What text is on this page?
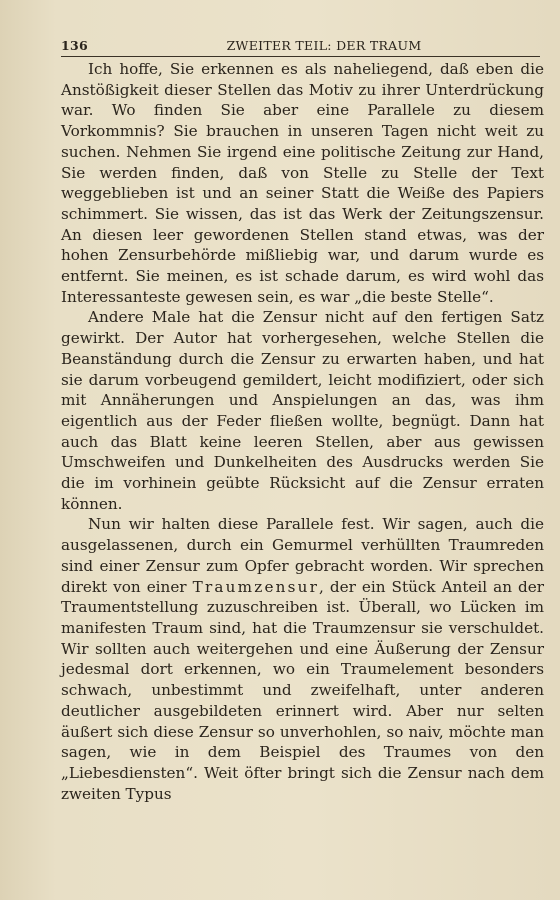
136	ZWEITER TEIL: DER TRAUM

Ich hoffe, Sie erkennen es als naheliegend, daß eben die Anstößigkeit dieser Stellen das Motiv zu ihrer Unterdrückung war. Wo finden Sie aber eine Parallele zu diesem Vorkommnis? Sie brauchen in unseren Tagen nicht weit zu suchen. Nehmen Sie irgend eine politische Zeitung zur Hand, Sie werden finden, daß von Stelle zu Stelle der Text weggeblieben ist und an seiner Statt die Weiße des Papiers schimmert. Sie wissen, das ist das Werk der Zeitungszensur. An diesen leer gewordenen Stellen stand etwas, was der hohen Zensurbehörde mißliebig war, und darum wurde es entfernt. Sie meinen, es ist schade darum, es wird wohl das Interessanteste gewesen sein, es war „die beste Stelle“.

Andere Male hat die Zensur nicht auf den fertigen Satz gewirkt. Der Autor hat vorhergesehen, welche Stellen die Beanständung durch die Zensur zu erwarten haben, und hat sie darum vorbeugend gemildert, leicht modifiziert, oder sich mit Annäherungen und Anspielungen an das, was ihm eigentlich aus der Feder fließen wollte, begnügt. Dann hat auch das Blatt keine leeren Stellen, aber aus gewissen Umschweifen und Dunkelheiten des Ausdrucks werden Sie die im vorhinein geübte Rücksicht auf die Zensur erraten können.

Nun wir halten diese Parallele fest. Wir sagen, auch die ausgelassenen, durch ein Gemurmel verhüllten Traumreden sind einer Zensur zum Opfer gebracht worden. Wir sprechen direkt von einer Traumzensur, der ein Stück Anteil an der Traumentstellung zuzuschreiben ist. Überall, wo Lücken im manifesten Traum sind, hat die Traumzensur sie verschuldet. Wir sollten auch weitergehen und eine Äußerung der Zensur jedesmal dort erkennen, wo ein Traumelement besonders schwach, unbestimmt und zweifelhaft, unter anderen deutlicher ausgebildeten erinnert wird. Aber nur selten äußert sich diese Zensur so unverhohlen, so naiv, möchte man sagen, wie in dem Beispiel des Traumes von den „Liebesdiensten“. Weit öfter bringt sich die Zensur nach dem zweiten Typus
